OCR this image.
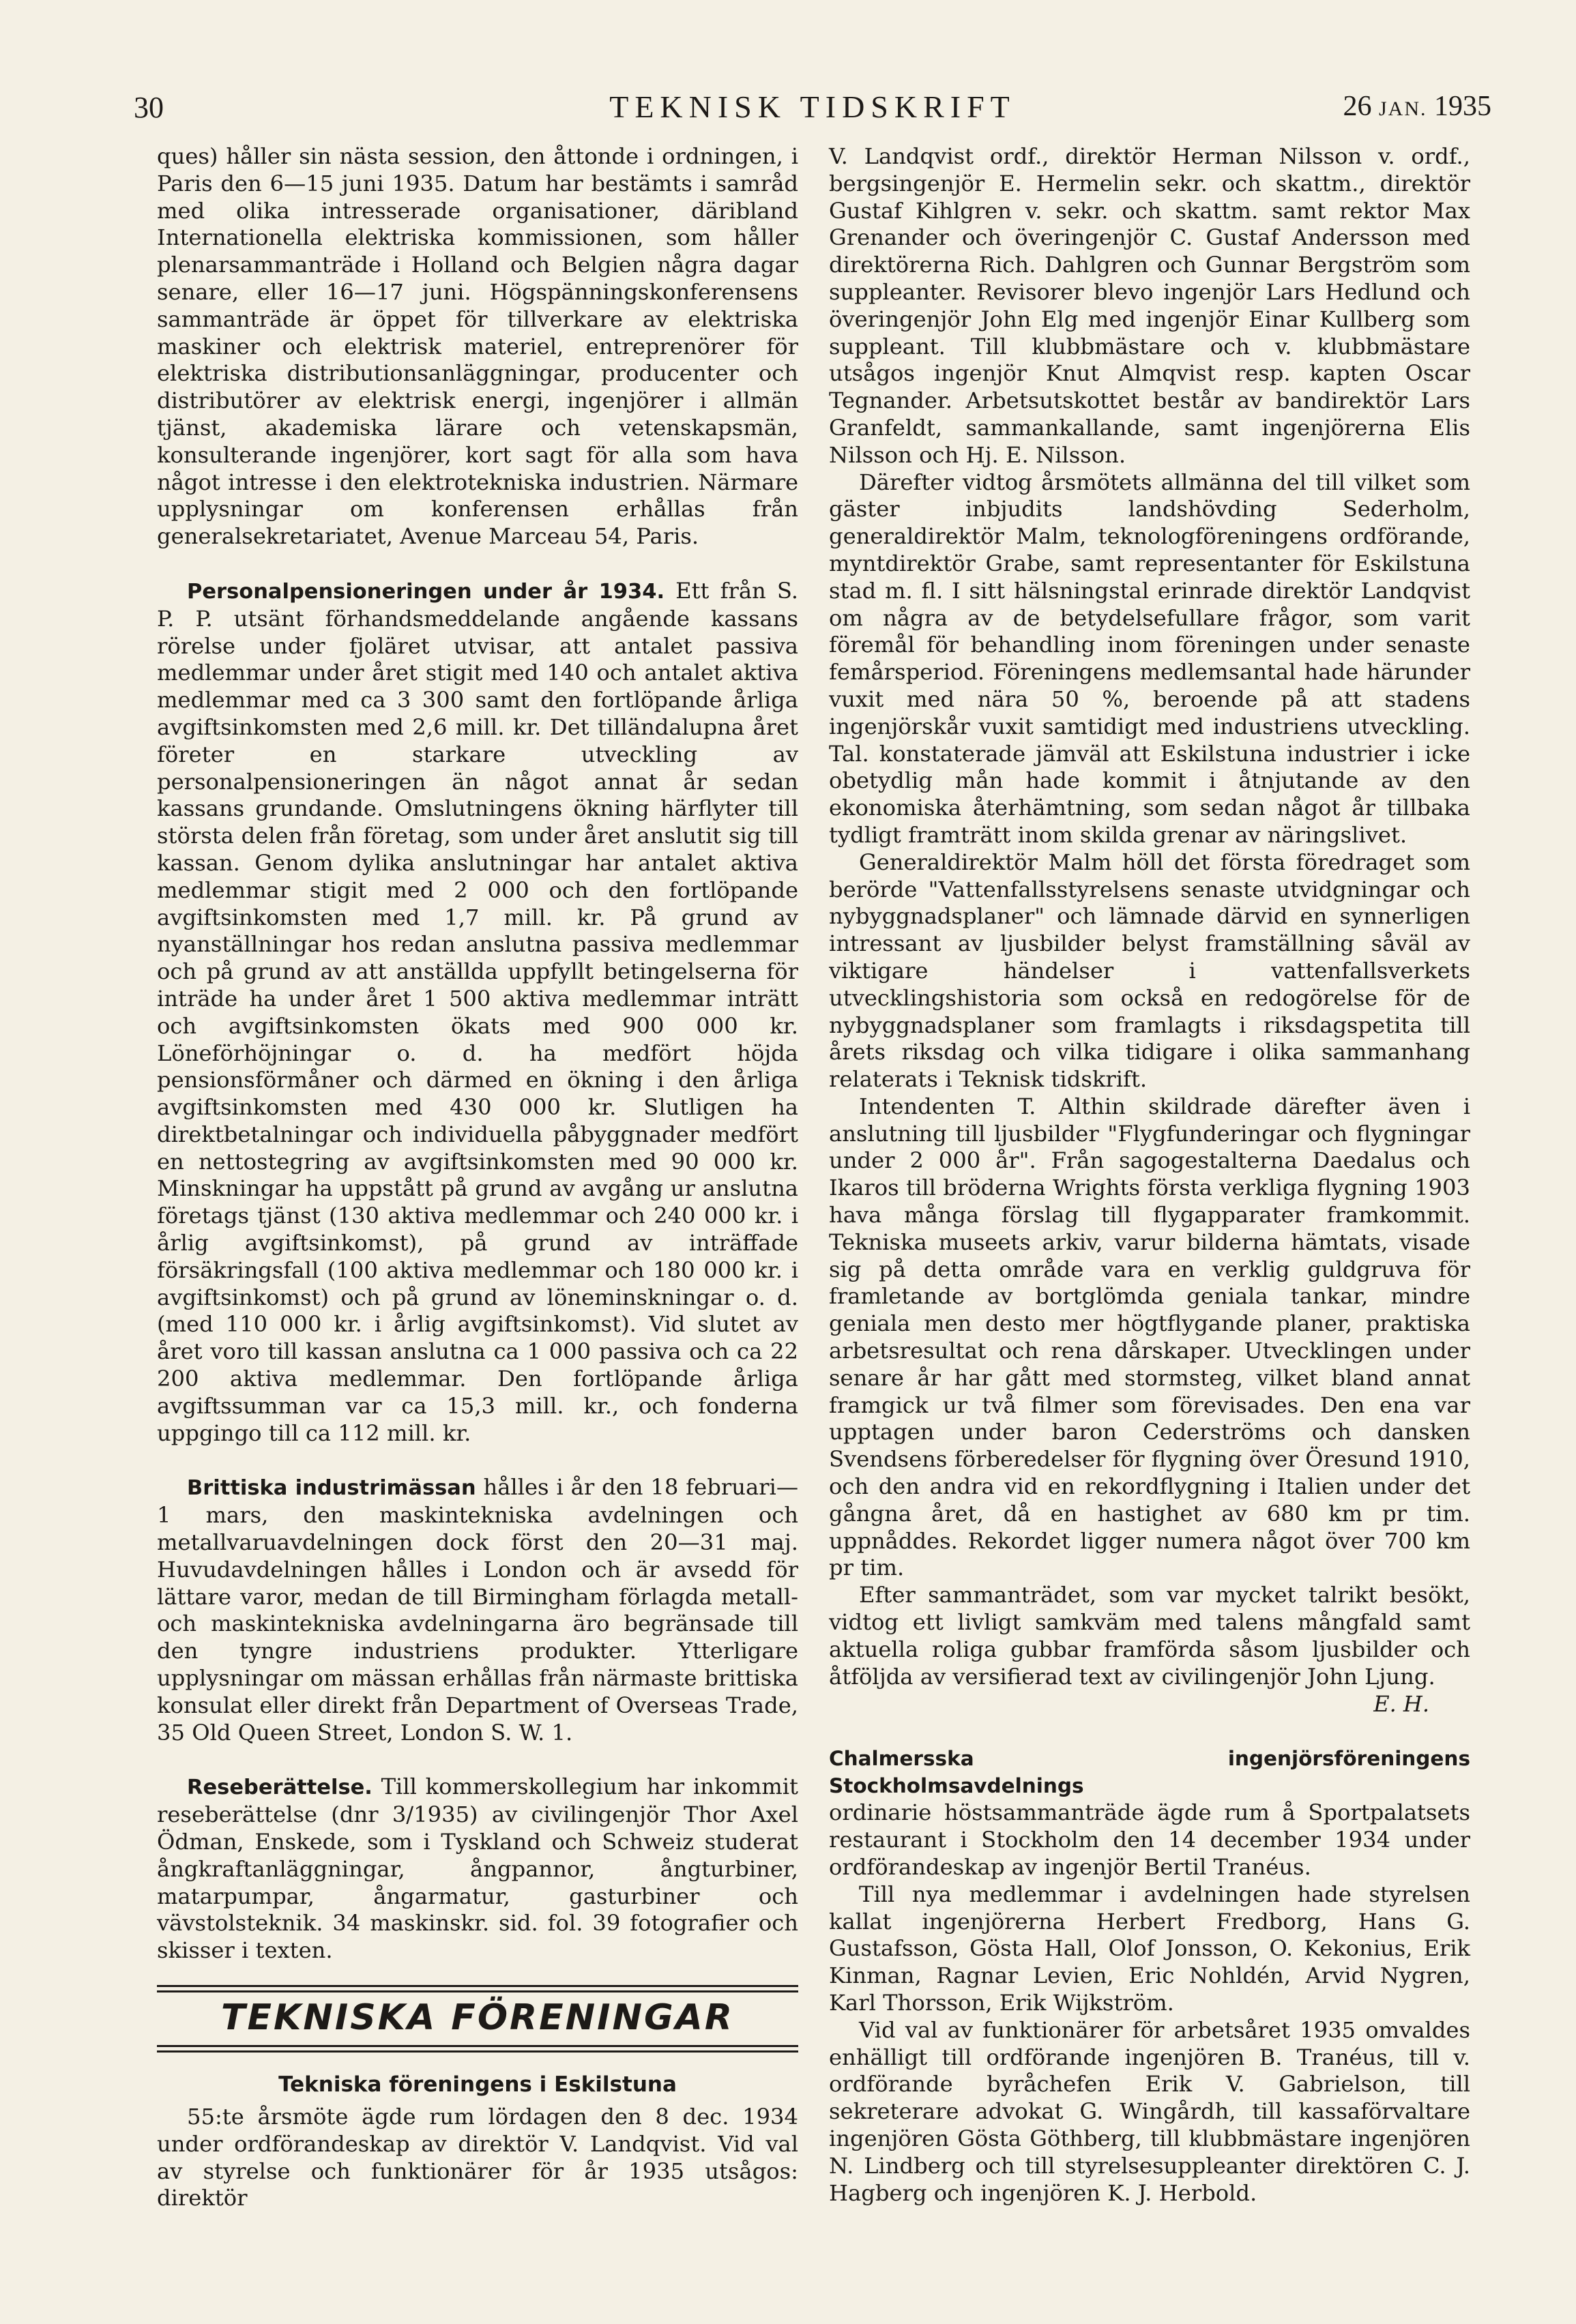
30	TEKNISK TIDSKRIFT	26 JAN. 1935

ques) håller sin nästa session, den åttonde i ordningen, i Paris den 6—15 juni 1935. Datum har bestämts i samråd med olika intresserade organisationer, däribland Internationella elektriska kommissionen, som håller plenarsammanträde i Holland och Belgien några dagar senare, eller 16—17 juni. Högspänningskonferensens sammanträde är öppet för tillverkare av elektriska maskiner och elektrisk materiel, entreprenörer för elektriska distributionsanläggningar, producenter och distributörer av elektrisk energi, ingenjörer i allmän tjänst, akademiska lärare och vetenskapsmän, konsulterande ingenjörer, kort sagt för alla som hava något intresse i den elektrotekniska industrien. Närmare upplysningar om konferensen erhållas från generalsekretariatet, Avenue Marceau 54, Paris.

Personalpensioneringen under år 1934. Ett från S. P. P. utsänt förhandsmeddelande angående kassans rörelse under fjoläret utvisar, att antalet passiva medlemmar under året stigit med 140 och antalet aktiva medlemmar med ca 3 300 samt den fortlöpande årliga avgiftsinkomsten med 2,6 mill. kr. Det tilländalupna året företer en starkare utveckling av personalpensioneringen än något annat år sedan kassans grundande. Omslutningens ökning härflyter till största delen från företag, som under året anslutit sig till kassan. Genom dylika anslutningar har antalet aktiva medlemmar stigit med 2 000 och den fortlöpande avgiftsinkomsten med 1,7 mill. kr. På grund av nyanställningar hos redan anslutna passiva medlemmar och på grund av att anställda uppfyllt betingelserna för inträde ha under året 1 500 aktiva medlemmar inträtt och avgiftsinkomsten ökats med 900 000 kr. Löneförhöjningar o. d. ha medfört höjda pensionsförmåner och därmed en ökning i den årliga avgiftsinkomsten med 430 000 kr. Slutligen ha direktbetalningar och individuella påbyggnader medfört en nettostegring av avgiftsinkomsten med 90 000 kr. Minskningar ha uppstått på grund av avgång ur anslutna företags tjänst (130 aktiva medlemmar och 240 000 kr. i årlig avgiftsinkomst), på grund av inträffade försäkringsfall (100 aktiva medlemmar och 180 000 kr. i avgiftsinkomst) och på grund av löneminskningar o. d. (med 110 000 kr. i årlig avgiftsinkomst). Vid slutet av året voro till kassan anslutna ca 1 000 passiva och ca 22 200 aktiva medlemmar. Den fortlöpande årliga avgiftssumman var ca 15,3 mill. kr., och fonderna uppgingo till ca 112 mill. kr.

Brittiska industrimässan hålles i år den 18 februari—1 mars, den maskintekniska avdelningen och metallvaruavdelningen dock först den 20—31 maj. Huvudavdelningen hålles i London och är avsedd för lättare varor, medan de till Birmingham förlagda metall- och maskintekniska avdelningarna äro begränsade till den tyngre industriens produkter. Ytterligare upplysningar om mässan erhållas från närmaste brittiska konsulat eller direkt från Department of Overseas Trade, 35 Old Queen Street, London S. W. 1.

Reseberättelse. Till kommerskollegium har inkommit reseberättelse (dnr 3/1935) av civilingenjör Thor Axel Ödman, Enskede, som i Tyskland och Schweiz studerat ångkraftanläggningar, ångpannor, ångturbiner, matarpumpar, ångarmatur, gasturbiner och vävstolsteknik. 34 maskinskr. sid. fol. 39 fotografier och skisser i texten.

TEKNISKA FÖRENINGAR

Tekniska föreningens i Eskilstuna

55:te årsmöte ägde rum lördagen den 8 dec. 1934 under ordförandeskap av direktör V. Landqvist. Vid val av styrelse och funktionärer för år 1935 utsågos: direktör

V. Landqvist ordf., direktör Herman Nilsson v. ordf., bergsingenjör E. Hermelin sekr. och skattm., direktör Gustaf Kihlgren v. sekr. och skattm. samt rektor Max Grenander och överingenjör C. Gustaf Andersson med direktörerna Rich. Dahlgren och Gunnar Bergström som suppleanter. Revisorer blevo ingenjör Lars Hedlund och överingenjör John Elg med ingenjör Einar Kullberg som suppleant. Till klubbmästare och v. klubbmästare utsågos ingenjör Knut Almqvist resp. kapten Oscar Tegnander. Arbetsutskottet består av bandirektör Lars Granfeldt, sammankallande, samt ingenjörerna Elis Nilsson och Hj. E. Nilsson.

Därefter vidtog årsmötets allmänna del till vilket som gäster inbjudits landshövding Sederholm, generaldirektör Malm, teknologföreningens ordförande, myntdirektör Grabe, samt representanter för Eskilstuna stad m. fl. I sitt hälsningstal erinrade direktör Landqvist om några av de betydelsefullare frågor, som varit föremål för behandling inom föreningen under senaste femårsperiod. Föreningens medlemsantal hade härunder vuxit med nära 50 %, beroende på att stadens ingenjörskår vuxit samtidigt med industriens utveckling. Tal. konstaterade jämväl att Eskilstuna industrier i icke obetydlig mån hade kommit i åtnjutande av den ekonomiska återhämtning, som sedan något år tillbaka tydligt framträtt inom skilda grenar av näringslivet.

Generaldirektör Malm höll det första föredraget som berörde "Vattenfallsstyrelsens senaste utvidgningar och nybyggnadsplaner" och lämnade därvid en synnerligen intressant av ljusbilder belyst framställning såväl av viktigare händelser i vattenfallsverkets utvecklingshistoria som också en redogörelse för de nybyggnadsplaner som framlagts i riksdagspetita till årets riksdag och vilka tidigare i olika sammanhang relaterats i Teknisk tidskrift.

Intendenten T. Althin skildrade därefter även i anslutning till ljusbilder "Flygfunderingar och flygningar under 2 000 år". Från sagogestalterna Daedalus och Ikaros till bröderna Wrights första verkliga flygning 1903 hava många förslag till flygapparater framkommit. Tekniska museets arkiv, varur bilderna hämtats, visade sig på detta område vara en verklig guldgruva för framletande av bortglömda geniala tankar, mindre geniala men desto mer högtflygande planer, praktiska arbetsresultat och rena dårskaper. Utvecklingen under senare år har gått med stormsteg, vilket bland annat framgick ur två filmer som förevisades. Den ena var upptagen under baron Cederströms och dansken Svendsens förberedelser för flygning över Öresund 1910, och den andra vid en rekordflygning i Italien under det gångna året, då en hastighet av 680 km pr tim. uppnåddes. Rekordet ligger numera något över 700 km pr tim.

Efter sammanträdet, som var mycket talrikt besökt, vidtog ett livligt samkväm med talens mångfald samt aktuella roliga gubbar framförda såsom ljusbilder och åtföljda av versifierad text av civilingenjör John Ljung.

E. H.

Chalmersska ingenjörsföreningens Stockholmsavdelnings

ordinarie höstsammanträde ägde rum å Sportpalatsets restaurant i Stockholm den 14 december 1934 under ordförandeskap av ingenjör Bertil Tranéus.

Till nya medlemmar i avdelningen hade styrelsen kallat ingenjörerna Herbert Fredborg, Hans G. Gustafsson, Gösta Hall, Olof Jonsson, O. Kekonius, Erik Kinman, Ragnar Levien, Eric Nohldén, Arvid Nygren, Karl Thorsson, Erik Wijkström.

Vid val av funktionärer för arbetsåret 1935 omvaldes enhälligt till ordförande ingenjören B. Tranéus, till v. ordförande byråchefen Erik V. Gabrielson, till sekreterare advokat G. Wingårdh, till kassaförvaltare ingenjören Gösta Göthberg, till klubbmästare ingenjören N. Lindberg och till styrelsesuppleanter direktören C. J. Hagberg och ingenjören K. J. Herbold.
